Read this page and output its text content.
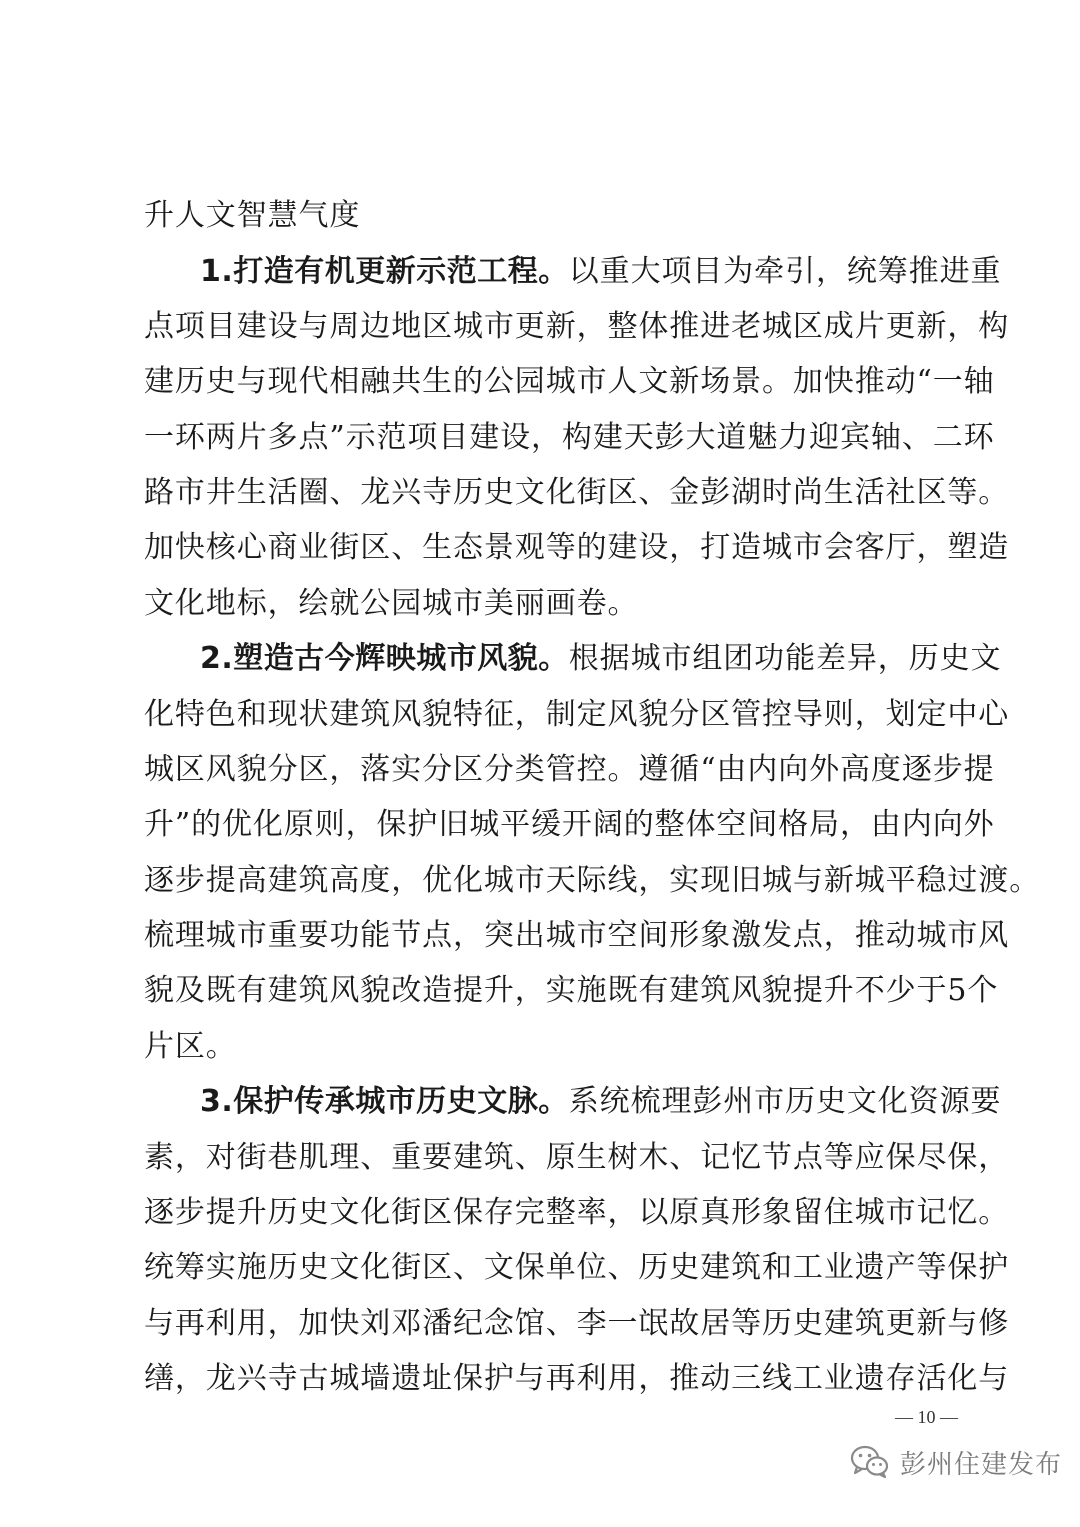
升人文智慧气度
1.打造有机更新示范工程。以重大项目为牵引，统筹推进重
点项目建设与周边地区城市更新，整体推进老城区成片更新，构
建历史与现代相融共生的公园城市人文新场景。加快推动“一轴
一环两片多点”示范项目建设，构建天彭大道魅力迎宾轴、二环
路市井生活圈、龙兴寺历史文化街区、金彭湖时尚生活社区等。
加快核心商业街区、生态景观等的建设，打造城市会客厅，塑造
文化地标，绘就公园城市美丽画卷。
2.塑造古今辉映城市风貌。根据城市组团功能差异，历史文
化特色和现状建筑风貌特征，制定风貌分区管控导则，划定中心
城区风貌分区，落实分区分类管控。遵循“由内向外高度逐步提
升”的优化原则，保护旧城平缓开阔的整体空间格局，由内向外
逐步提高建筑高度，优化城市天际线，实现旧城与新城平稳过渡。
梳理城市重要功能节点，突出城市空间形象激发点，推动城市风
貌及既有建筑风貌改造提升，实施既有建筑风貌提升不少于5个
片区。
3.保护传承城市历史文脉。系统梳理彭州市历史文化资源要
素，对街巷肌理、重要建筑、原生树木、记忆节点等应保尽保，
逐步提升历史文化街区保存完整率，以原真形象留住城市记忆。
统筹实施历史文化街区、文保单位、历史建筑和工业遗产等保护
与再利用，加快刘邓潘纪念馆、李一氓故居等历史建筑更新与修
缮，龙兴寺古城墙遗址保护与再利用，推动三线工业遗存活化与
— 10 —
彭州住建发布
